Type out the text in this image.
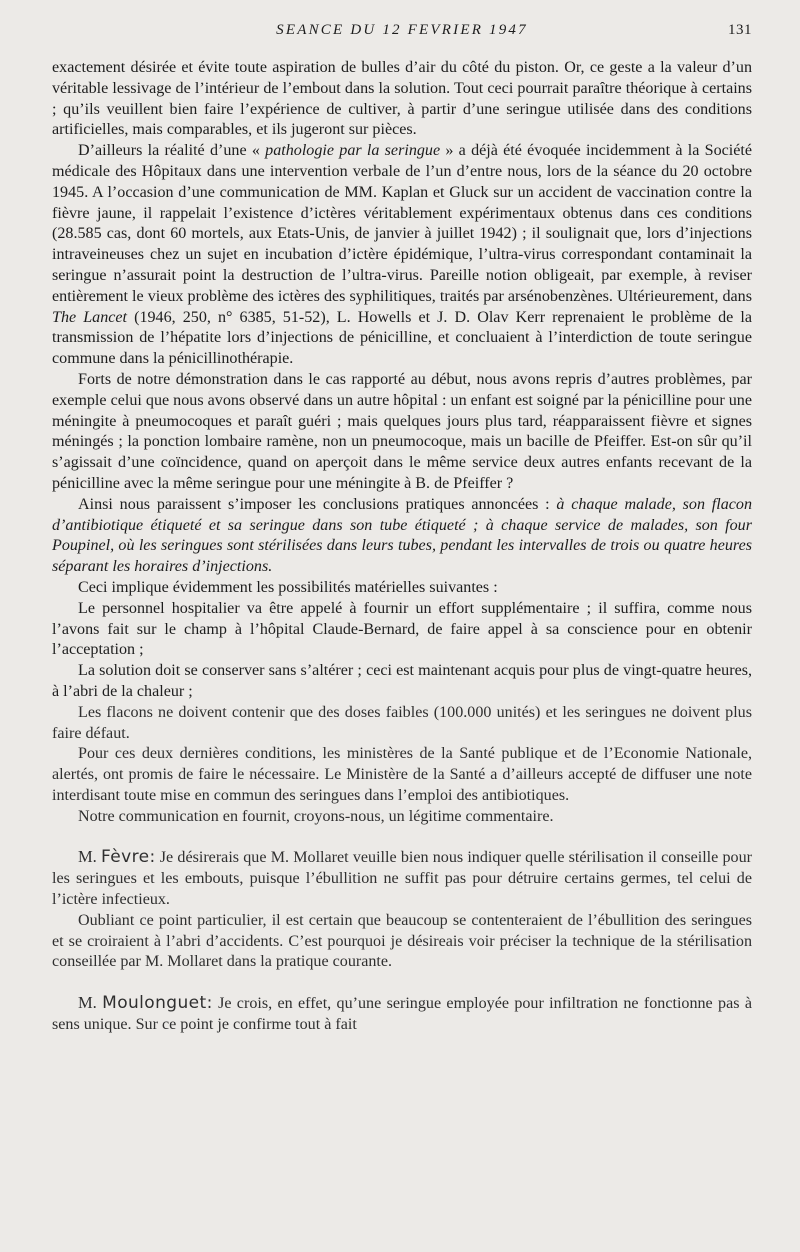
SEANCE DU 12 FEVRIER 1947	131

exactement désirée et évite toute aspiration de bulles d’air du côté du piston. Or, ce geste a la valeur d’un véritable lessivage de l’intérieur de l’embout dans la solution. Tout ceci pourrait paraître théorique à certains ; qu’ils veuillent bien faire l’expérience de cultiver, à partir d’une seringue utilisée dans des conditions artificielles, mais comparables, et ils jugeront sur pièces.

D’ailleurs la réalité d’une « pathologie par la seringue » a déjà été évoquée incidemment à la Société médicale des Hôpitaux dans une intervention verbale de l’un d’entre nous, lors de la séance du 20 octobre 1945. A l’occasion d’une communication de MM. Kaplan et Gluck sur un accident de vaccination contre la fièvre jaune, il rappelait l’existence d’ictères véritablement expérimentaux obtenus dans ces conditions (28.585 cas, dont 60 mortels, aux Etats-Unis, de janvier à juillet 1942) ; il soulignait que, lors d’injections intraveineuses chez un sujet en incubation d’ictère épidémique, l’ultra-virus correspondant contaminait la seringue n’assurait point la destruction de l’ultra-virus. Pareille notion obligeait, par exemple, à reviser entièrement le vieux problème des ictères des syphilitiques, traités par arsénobenzènes. Ultérieurement, dans The Lancet (1946, 250, n° 6385, 51-52), L. Howells et J. D. Olav Kerr reprenaient le problème de la transmission de l’hépatite lors d’injections de pénicilline, et concluaient à l’interdiction de toute seringue commune dans la pénicillinothérapie.

Forts de notre démonstration dans le cas rapporté au début, nous avons repris d’autres problèmes, par exemple celui que nous avons observé dans un autre hôpital : un enfant est soigné par la pénicilline pour une méningite à pneumocoques et paraît guéri ; mais quelques jours plus tard, réapparaissent fièvre et signes méningés ; la ponction lombaire ramène, non un pneumocoque, mais un bacille de Pfeiffer. Est-on sûr qu’il s’agissait d’une coïncidence, quand on aperçoit dans le même service deux autres enfants recevant de la pénicilline avec la même seringue pour une méningite à B. de Pfeiffer ?

Ainsi nous paraissent s’imposer les conclusions pratiques annoncées : à chaque malade, son flacon d’antibiotique étiqueté et sa seringue dans son tube étiqueté ; à chaque service de malades, son four Poupinel, où les seringues sont stérilisées dans leurs tubes, pendant les intervalles de trois ou quatre heures séparant les horaires d’injections.

Ceci implique évidemment les possibilités matérielles suivantes :

Le personnel hospitalier va être appelé à fournir un effort supplémentaire ; il suffira, comme nous l’avons fait sur le champ à l’hôpital Claude-Bernard, de faire appel à sa conscience pour en obtenir l’acceptation ;

La solution doit se conserver sans s’altérer ; ceci est maintenant acquis pour plus de vingt-quatre heures, à l’abri de la chaleur ;

Les flacons ne doivent contenir que des doses faibles (100.000 unités) et les seringues ne doivent plus faire défaut.

Pour ces deux dernières conditions, les ministères de la Santé publique et de l’Economie Nationale, alertés, ont promis de faire le nécessaire. Le Ministère de la Santé a d’ailleurs accepté de diffuser une note interdisant toute mise en commun des seringues dans l’emploi des antibiotiques.

Notre communication en fournit, croyons-nous, un légitime commentaire.

M. Fèvre: Je désirerais que M. Mollaret veuille bien nous indiquer quelle stérilisation il conseille pour les seringues et les embouts, puisque l’ébullition ne suffit pas pour détruire certains germes, tel celui de l’ictère infectieux.

Oubliant ce point particulier, il est certain que beaucoup se contenteraient de l’ébullition des seringues et se croiraient à l’abri d’accidents. C’est pourquoi je désireais voir préciser la technique de la stérilisation conseillée par M. Mollaret dans la pratique courante.

M. Moulonguet: Je crois, en effet, qu’une seringue employée pour infiltration ne fonctionne pas à sens unique. Sur ce point je confirme tout à fait
